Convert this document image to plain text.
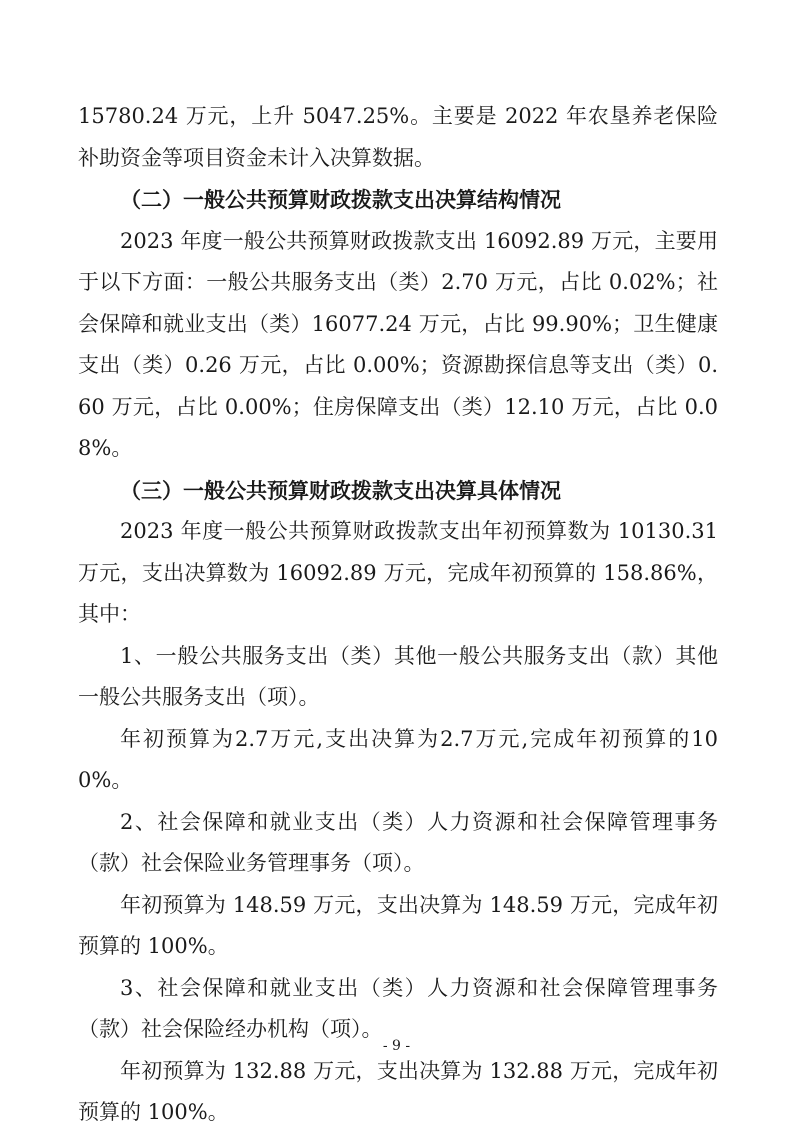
15780.24 万元，上升 5047.25%。主要是 2022 年农垦养老保险补助资金等项目资金未计入决算数据。

（二）一般公共预算财政拨款支出决算结构情况

2023 年度一般公共预算财政拨款支出 16092.89 万元，主要用于以下方面：一般公共服务支出（类）2.70 万元，占比 0.02%；社会保障和就业支出（类）16077.24 万元，占比 99.90%；卫生健康支出（类）0.26 万元，占比 0.00%；资源勘探信息等支出（类）0.60 万元，占比 0.00%；住房保障支出（类）12.10 万元，占比 0.08%。

（三）一般公共预算财政拨款支出决算具体情况

2023 年度一般公共预算财政拨款支出年初预算数为 10130.31 万元，支出决算数为 16092.89 万元，完成年初预算的 158.86%，其中：

1、一般公共服务支出（类）其他一般公共服务支出（款）其他一般公共服务支出（项）。

年初预算为2.7万元,支出决算为2.7万元,完成年初预算的100%。

2、社会保障和就业支出（类）人力资源和社会保障管理事务（款）社会保险业务管理事务（项）。

年初预算为 148.59 万元，支出决算为 148.59 万元，完成年初预算的 100%。

3、社会保障和就业支出（类）人力资源和社会保障管理事务（款）社会保险经办机构（项）。

年初预算为 132.88 万元，支出决算为 132.88 万元，完成年初预算的 100%。

- 9 -
